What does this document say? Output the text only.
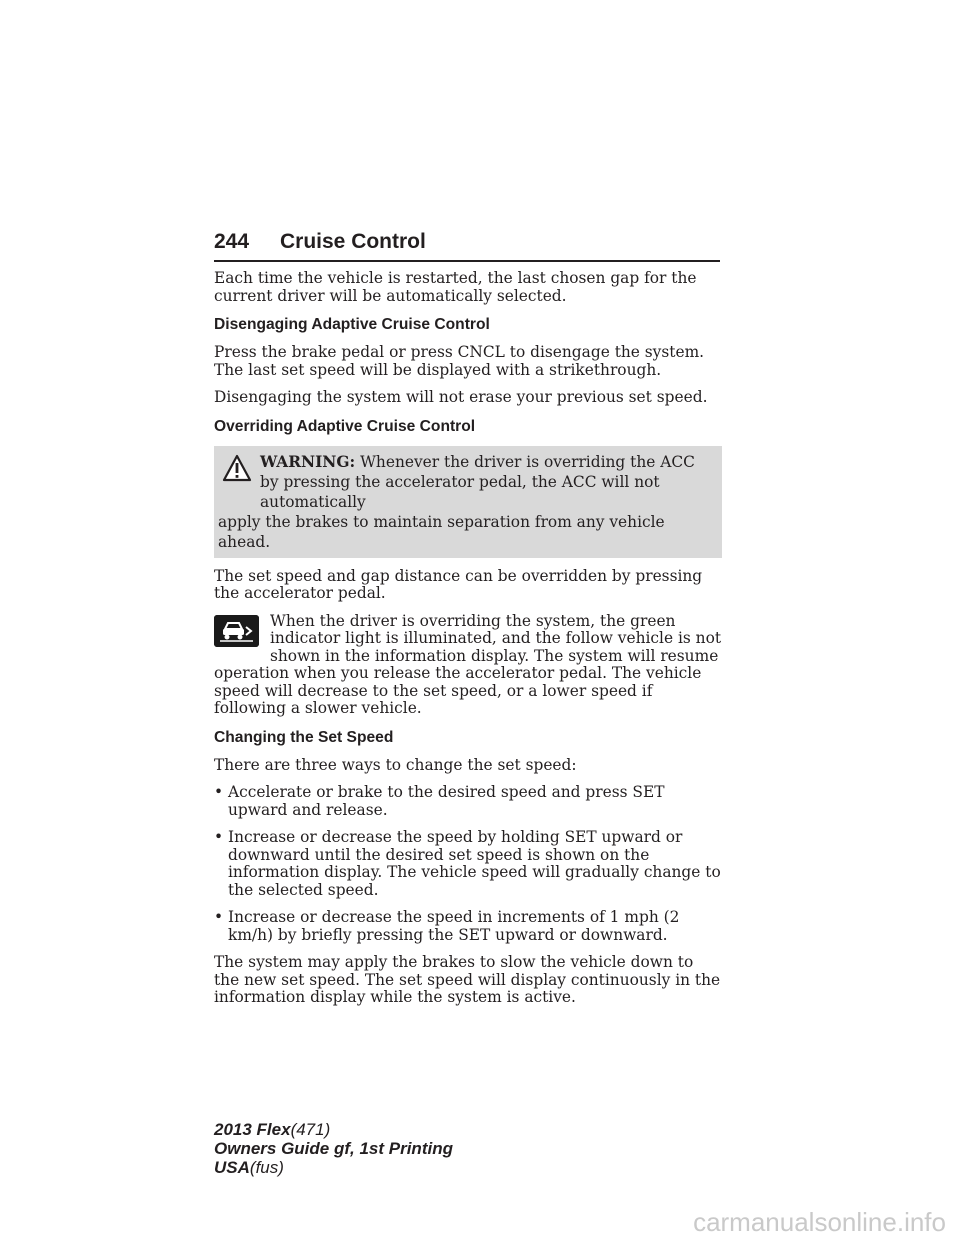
244 Cruise Control

Each time the vehicle is restarted, the last chosen gap for the current driver will be automatically selected.

Disengaging Adaptive Cruise Control

Press the brake pedal or press CNCL to disengage the system. The last set speed will be displayed with a strikethrough.

Disengaging the system will not erase your previous set speed.

Overriding Adaptive Cruise Control
WARNING: Whenever the driver is overriding the ACC by pressing the accelerator pedal, the ACC will not automatically
apply the brakes to maintain separation from any vehicle ahead.

The set speed and gap distance can be overridden by pressing the accelerator pedal.

When the driver is overriding the system, the green indicator light is illuminated, and the follow vehicle is not shown in the information display. The system will resume operation when you release the accelerator pedal. The vehicle speed will decrease to the set speed, or a lower speed if following a slower vehicle.

Changing the Set Speed

There are three ways to change the set speed:

• Accelerate or brake to the desired speed and press SET upward and release.
• Increase or decrease the speed by holding SET upward or downward until the desired set speed is shown on the information display. The vehicle speed will gradually change to the selected speed.
• Increase or decrease the speed in increments of 1 mph (2 km/h) by briefly pressing the SET upward or downward.

The system may apply the brakes to slow the vehicle down to the new set speed. The set speed will display continuously in the information display while the system is active.

2013 Flex(471)
Owners Guide gf, 1st Printing
USA(fus)
carmanualsonline.info
